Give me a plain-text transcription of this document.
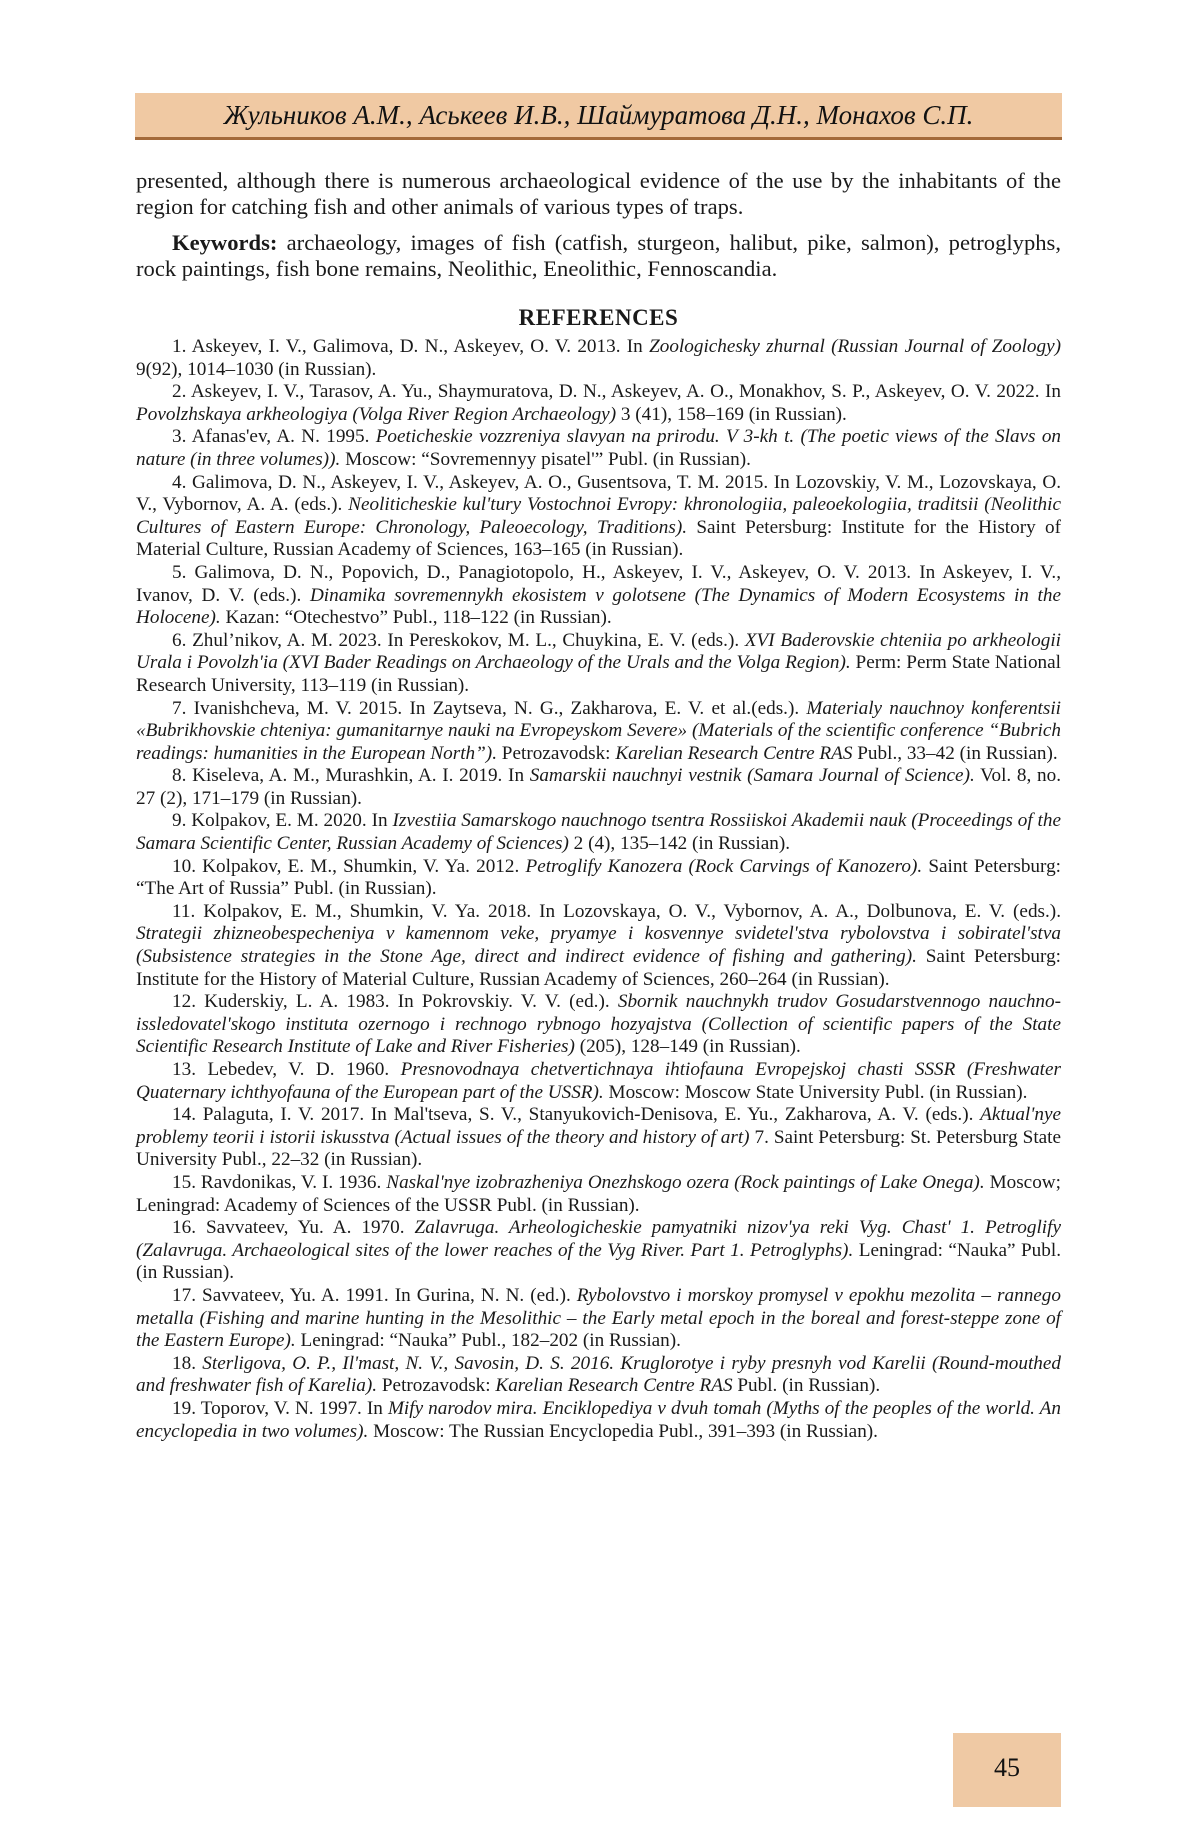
Жульников А.М., Аськеев И.В., Шаймуратова Д.Н., Монахов С.П.

presented, although there is numerous archaeological evidence of the use by the inhabitants of the region for catching fish and other animals of various types of traps.

Keywords: archaeology, images of fish (catfish, sturgeon, halibut, pike, salmon), petroglyphs, rock paintings, fish bone remains, Neolithic, Eneolithic, Fennoscandia.

REFERENCES

1. Askeyev, I. V., Galimova, D. N., Askeyev, O. V. 2013. In Zoologichesky zhurnal (Russian Journal of Zoology) 9(92), 1014–1030 (in Russian).

2. Askeyev, I. V., Tarasov, A. Yu., Shaymuratova, D. N., Askeyev, A. O., Monakhov, S. P., Askeyev, O. V. 2022. In Povolzhskaya arkheologiya (Volga River Region Archaeology) 3 (41), 158–169 (in Russian).

3. Afanas'ev, A. N. 1995. Poeticheskie vozzreniya slavyan na prirodu. V 3-kh t. (The poetic views of the Slavs on nature (in three volumes)). Moscow: “Sovremennyy pisatel'” Publ. (in Russian).

4. Galimova, D. N., Askeyev, I. V., Askeyev, A. O., Gusentsova, T. M. 2015. In Lozovskiy, V. M., Lozovskaya, O. V., Vybornov, A. A. (eds.). Neoliticheskie kul'tury Vostochnoi Evropy: khronologiia, paleoekologiia, traditsii (Neolithic Cultures of Eastern Europe: Chronology, Paleoecology, Traditions). Saint Petersburg: Institute for the History of Material Culture, Russian Academy of Sciences, 163–165 (in Russian).

5. Galimova, D. N., Popovich, D., Panagiotopolo, H., Askeyev, I. V., Askeyev, O. V. 2013. In Askeyev, I. V., Ivanov, D. V. (eds.). Dinamika sovremennykh ekosistem v golotsene (The Dynamics of Modern Ecosystems in the Holocene). Kazan: “Otechestvo” Publ., 118–122 (in Russian).

6. Zhul’nikov, A. M. 2023. In Pereskokov, M. L., Chuykina, E. V. (eds.). XVI Baderovskie chteniia po arkheologii Urala i Povolzh'ia (XVI Bader Readings on Archaeology of the Urals and the Volga Region). Perm: Perm State National Research University, 113–119 (in Russian).

7. Ivanishcheva, M. V. 2015. In Zaytseva, N. G., Zakharova, E. V. et al.(eds.). Materialy nauchnoy konferentsii «Bubrikhovskie chteniya: gumanitarnye nauki na Evropeyskom Severe» (Materials of the scientific conference “Bubrich readings: humanities in the European North”). Petrozavodsk: Karelian Research Centre RAS Publ., 33–42 (in Russian).

8. Kiseleva, A. M., Murashkin, A. I. 2019. In Samarskii nauchnyi vestnik (Samara Journal of Science). Vol. 8, no. 27 (2), 171–179 (in Russian).

9. Kolpakov, E. M. 2020. In Izvestiia Samarskogo nauchnogo tsentra Rossiiskoi Akademii nauk (Proceedings of the Samara Scientific Center, Russian Academy of Sciences) 2 (4), 135–142 (in Russian).

10. Kolpakov, E. M., Shumkin, V. Ya. 2012. Petroglify Kanozera (Rock Carvings of Kanozero). Saint Petersburg: “The Art of Russia” Publ. (in Russian).

11. Kolpakov, E. M., Shumkin, V. Ya. 2018. In Lozovskaya, O. V., Vybornov, A. A., Dolbunova, E. V. (eds.). Strategii zhizneobespecheniya v kamennom veke, pryamye i kosvennye svidetel'stva rybolovstva i sobiratel'stva (Subsistence strategies in the Stone Age, direct and indirect evidence of fishing and gathering). Saint Petersburg: Institute for the History of Material Culture, Russian Academy of Sciences, 260–264 (in Russian).

12. Kuderskiy, L. A. 1983. In Pokrovskiy. V. V. (ed.). Sbornik nauchnykh trudov Gosudarstvennogo nauchno-issledovatel'skogo instituta ozernogo i rechnogo rybnogo hozyajstva (Collection of scientific papers of the State Scientific Research Institute of Lake and River Fisheries) (205), 128–149 (in Russian).

13. Lebedev, V. D. 1960. Presnovodnaya chetvertichnaya ihtiofauna Evropejskoj chasti SSSR (Freshwater Quaternary ichthyofauna of the European part of the USSR). Moscow: Moscow State University Publ. (in Russian).

14. Palaguta, I. V. 2017. In Mal'tseva, S. V., Stanyukovich-Denisova, E. Yu., Zakharova, A. V. (eds.). Aktual'nye problemy teorii i istorii iskusstva (Actual issues of the theory and history of art) 7. Saint Petersburg: St. Petersburg State University Publ., 22–32 (in Russian).

15. Ravdonikas, V. I. 1936. Naskal'nye izobrazheniya Onezhskogo ozera (Rock paintings of Lake Onega). Moscow; Leningrad: Academy of Sciences of the USSR Publ. (in Russian).

16. Savvateev, Yu. A. 1970. Zalavruga. Arheologicheskie pamyatniki nizov'ya reki Vyg. Chast' 1. Petroglify (Zalavruga. Archaeological sites of the lower reaches of the Vyg River. Part 1. Petroglyphs). Leningrad: “Nauka” Publ. (in Russian).

17. Savvateev, Yu. A. 1991. In Gurina, N. N. (ed.). Rybolovstvo i morskoy promysel v epokhu mezolita – rannego metalla (Fishing and marine hunting in the Mesolithic – the Early metal epoch in the boreal and forest-steppe zone of the Eastern Europe). Leningrad: “Nauka” Publ., 182–202 (in Russian).

18. Sterligova, O. P., Il'mast, N. V., Savosin, D. S. 2016. Kruglorotye i ryby presnyh vod Karelii (Round-mouthed and freshwater fish of Karelia). Petrozavodsk: Karelian Research Centre RAS Publ. (in Russian).

19. Toporov, V. N. 1997. In Mify narodov mira. Enciklopediya v dvuh tomah (Myths of the peoples of the world. An encyclopedia in two volumes). Moscow: The Russian Encyclopedia Publ., 391–393 (in Russian).

45
